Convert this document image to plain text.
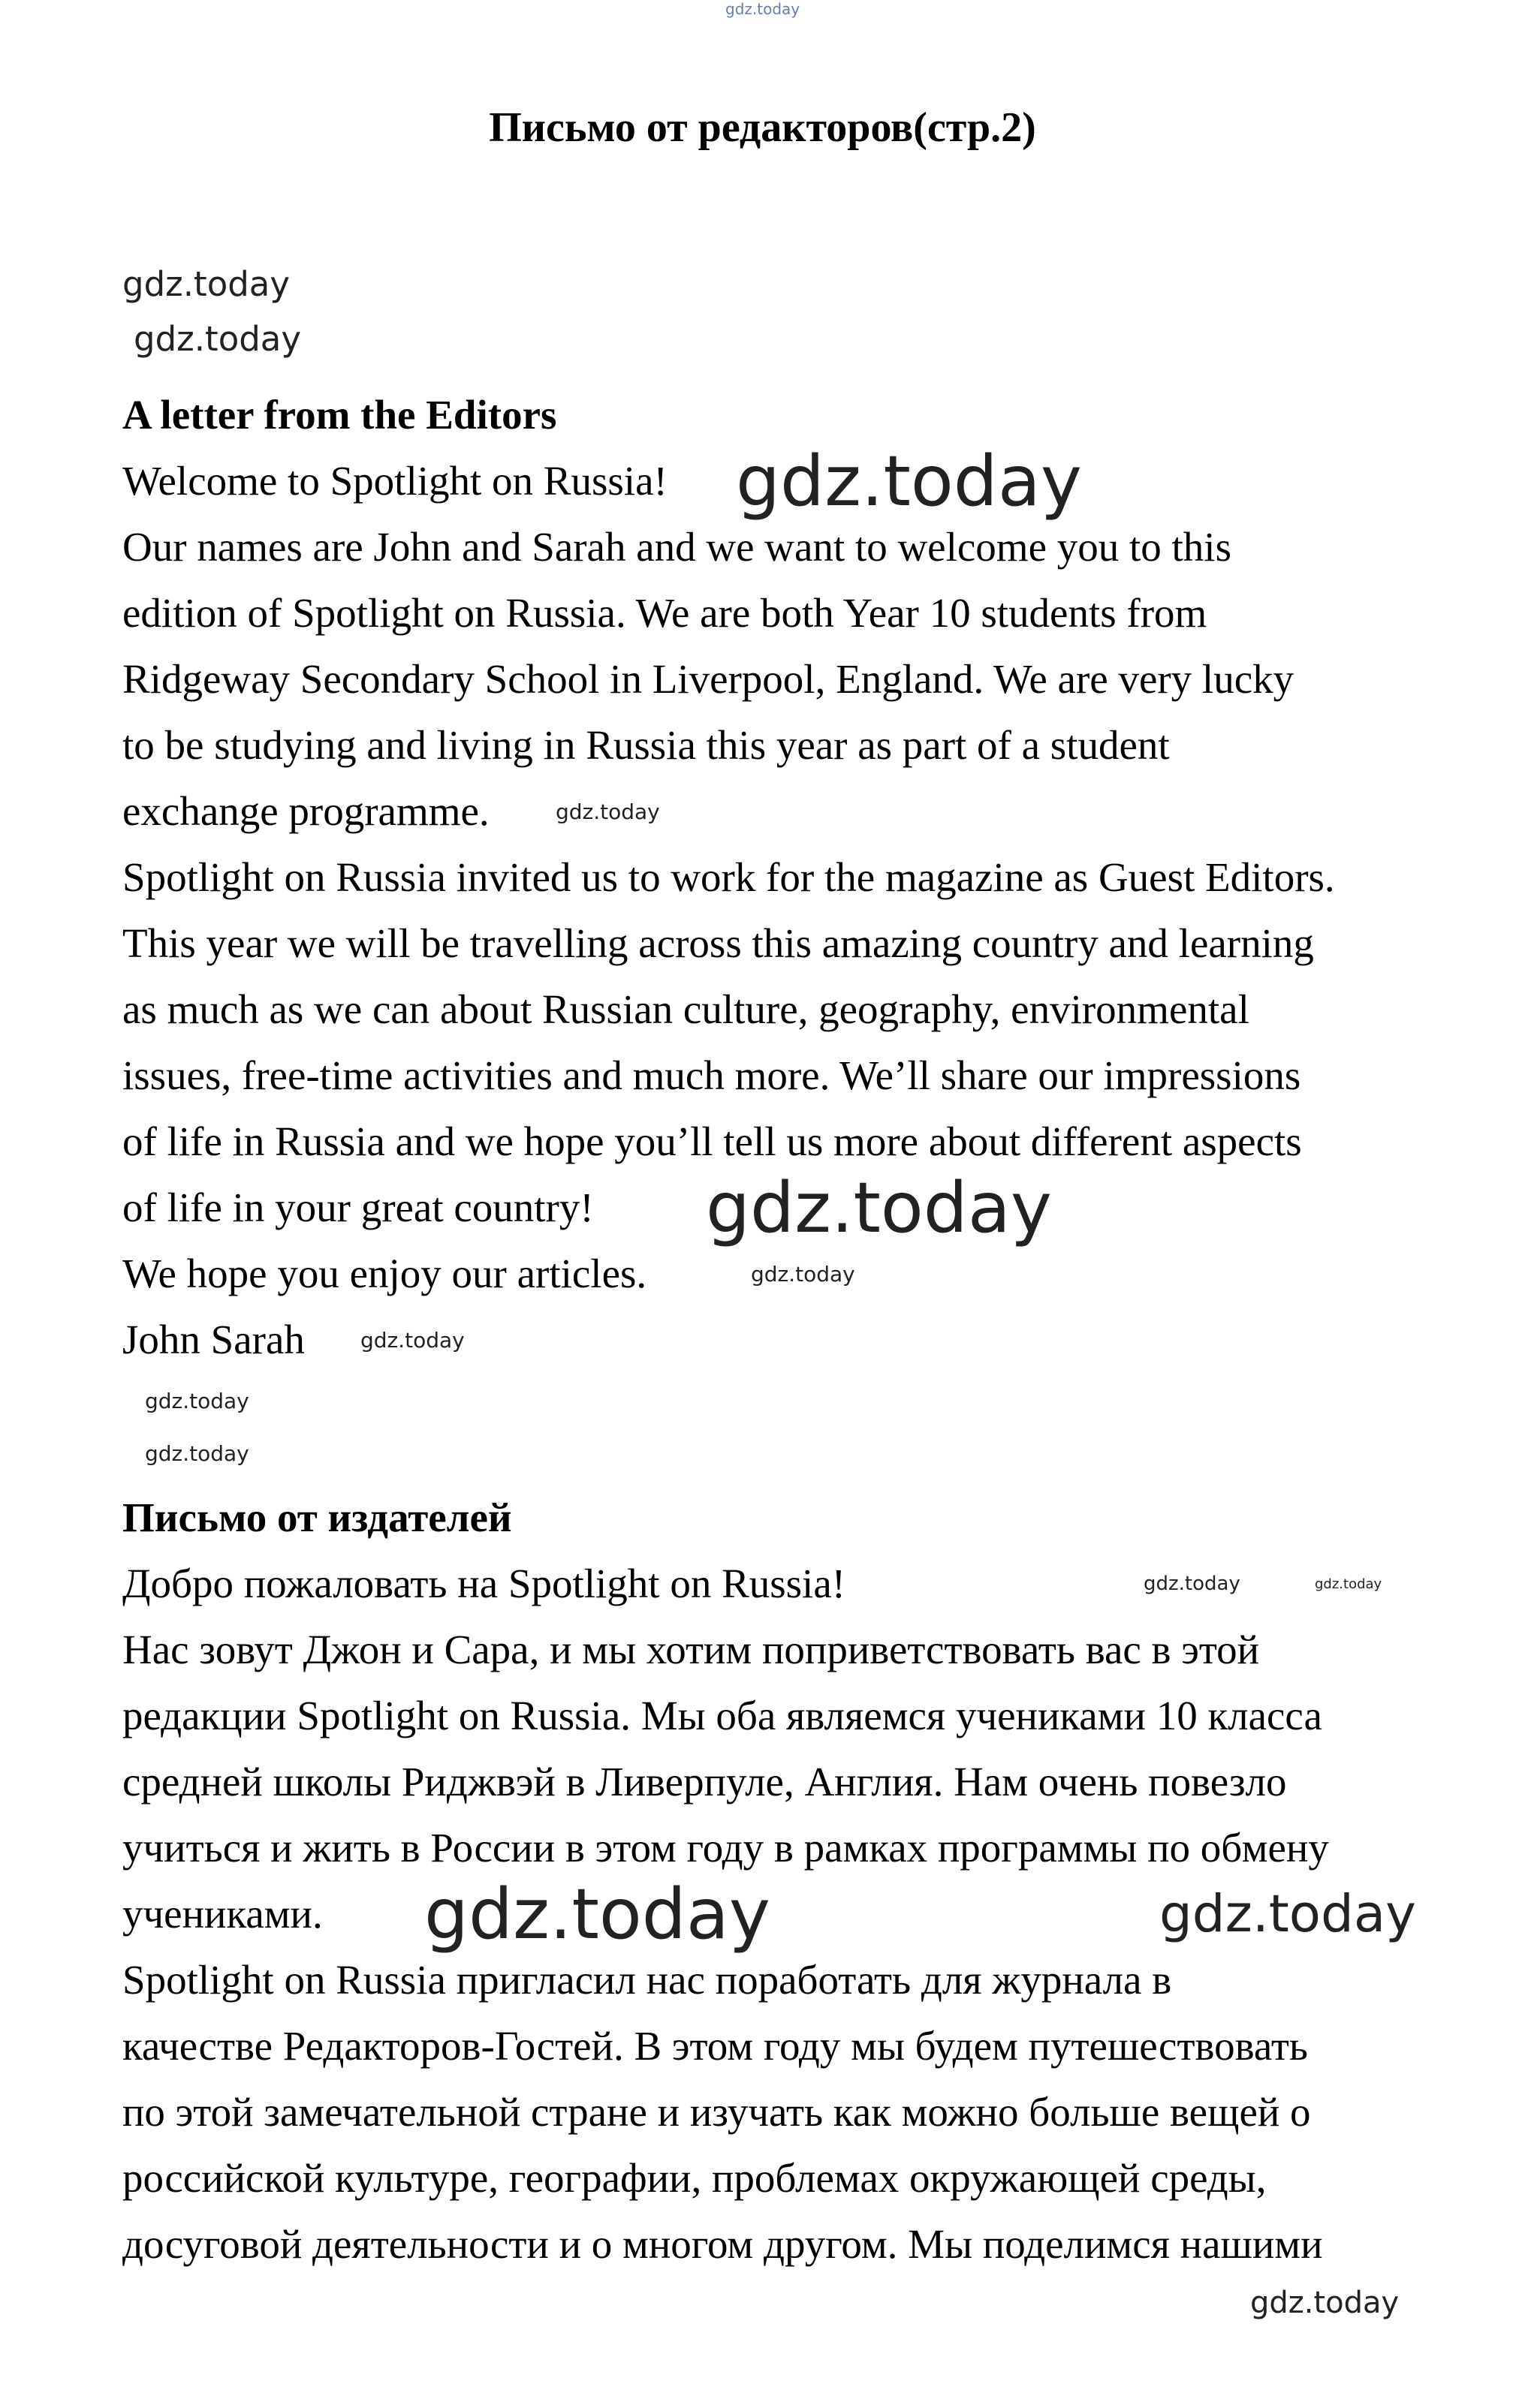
Письмо от редакторов(стр.2)
A letter from the Editors
Welcome to Spotlight on Russia!
Our names are John and Sarah and we want to welcome you to this
edition of Spotlight on Russia. We are both Year 10 students from
Ridgeway Secondary School in Liverpool, England. We are very lucky
to be studying and living in Russia this year as part of a student
exchange programme.
Spotlight on Russia invited us to work for the magazine as Guest Editors.
This year we will be travelling across this amazing country and learning
as much as we can about Russian culture, geography, environmental
issues, free-time activities and much more. We’ll share our impressions
of life in Russia and we hope you’ll tell us more about different aspects
of life in your great country!
We hope you enjoy our articles.
John Sarah
Письмо от издателей
Добро пожаловать на Spotlight on Russia!
Нас зовут Джон и Сара, и мы хотим поприветствовать вас в этой
редакции Spotlight on Russia. Мы оба являемся учениками 10 класса
средней школы Риджвэй в Ливерпуле, Англия. Нам очень повезло
учиться и жить в России в этом году в рамках программы по обмену
учениками.
Spotlight on Russia пригласил нас поработать для журнала в
качестве Редакторов-Гостей. В этом году мы будем путешествовать
по этой замечательной стране и изучать как можно больше вещей о
российской культуре, географии, проблемах окружающей среды,
досуговой деятельности и о многом другом. Мы поделимся нашими
gdz.today
gdz.today
gdz.today
gdz.today
gdz.today
gdz.today
gdz.today
gdz.today
gdz.today
gdz.today
gdz.today	gdz.today
gdz.today	gdz.today
gdz.today
